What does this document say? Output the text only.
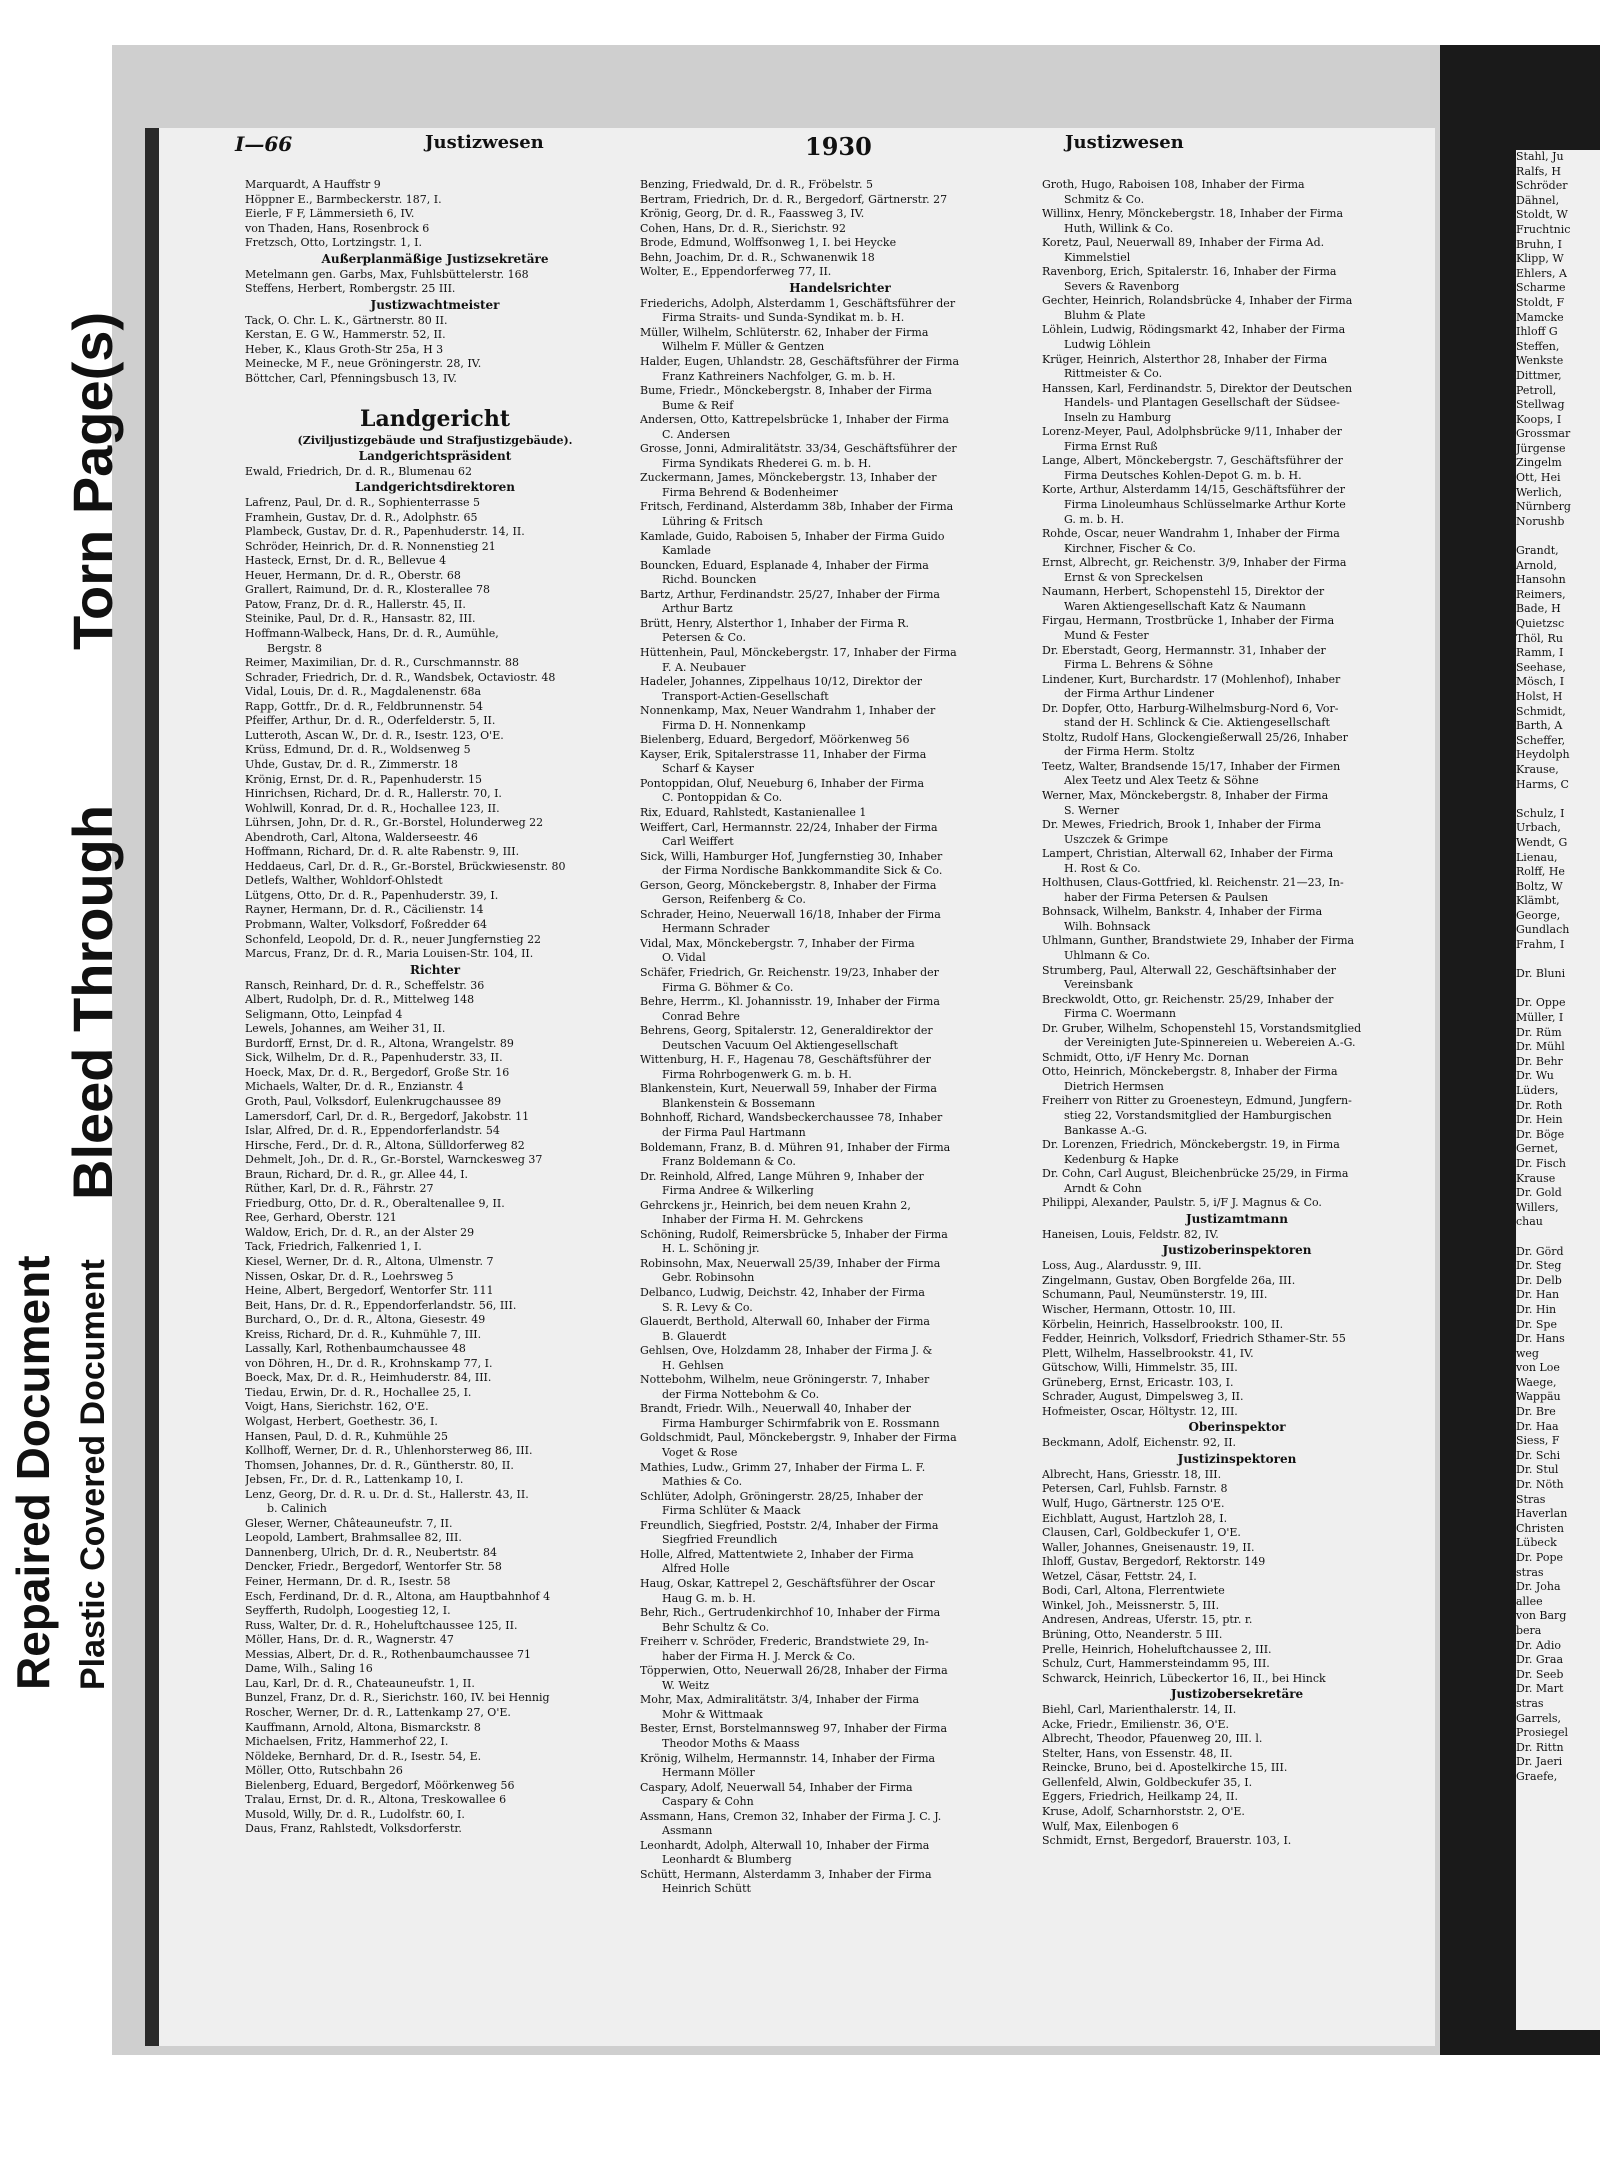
Repaired Document Plastic Covered Document
Bleed Through
Torn Page(s)
Stahl, Ju
Ralfs, H
Schröder
Dähnel,
Stoldt, W
Fruchtnic
Bruhn, I
Klipp, W
Ehlers, A
Scharme
Stoldt, F
Mamcke
Ihloff G
Steffen,
Wenkste
Dittmer,
Petroll,
Stellwag
Koops, I
Grossmar
Jürgense
Zingelm
Ott, Hei
Werlich,
Nürnberg
Norushb

Grandt,
Arnold,
Hansohn
Reimers,
Bade, H
Quietzsc
Thöl, Ru
Ramm, I
Seehase,
Mösch, I
Holst, H
Schmidt,
Barth, A
Scheffer,
Heydolph
Krause,
Harms, C

Schulz, I
Urbach,
Wendt, G
Lienau,
Rolff, He
Boltz, W
Klämbt,
George,
Gundlach
Frahm, I

Dr. Bluni

Dr. Oppe
Müller, I
Dr. Rüm
Dr. Mühl
Dr. Behr
Dr. Wu
Lüders,
Dr. Roth
Dr. Hein
Dr. Böge
Gernet,
Dr. Fisch
Krause
Dr. Gold
Willers,
chau

Dr. Görd
Dr. Steg
Dr. Delb
Dr. Han
Dr. Hin
Dr. Spe
Dr. Hans
weg
von Loe
Waege,
Wappäu
Dr. Bre
Dr. Haa
Siess, F
Dr. Schi
Dr. Stul
Dr. Nöth
Stras
Haverlan
Christen
Lübeck
Dr. Pope
stras
Dr. Joha
allee
von Barg
bera
Dr. Adio
Dr. Graa
Dr. Seeb
Dr. Mart
stras
Garrels,
Prosiegel
Dr. Rittn
Dr. Jaeri
Graefe,
I—66	Justizwesen	1930	Justizwesen
Marquardt, A Hauffstr 9
Höppner E., Barmbeckerstr. 187, I.
Eierle, F F, Lämmersieth 6, IV.
von Thaden, Hans, Rosenbrock 6
Fretzsch, Otto, Lortzingstr. 1, I.
Außerplanmäßige Justizsekretäre
Metelmann gen. Garbs, Max, Fuhlsbüttelerstr. 168
Steffens, Herbert, Rombergstr. 25 III.
Justizwachtmeister
Tack, O. Chr. L. K., Gärtnerstr. 80 II.
Kerstan, E. G W., Hammerstr. 52, II.
Heber, K., Klaus Groth-Str 25a, H 3
Meinecke, M F., neue Gröningerstr. 28, IV.
Böttcher, Carl, Pfenningsbusch 13, IV.
Landgericht
(Ziviljustizgebäude und Strafjustizgebäude).
Landgerichtspräsident
Ewald, Friedrich, Dr. d. R., Blumenau 62
Landgerichtsdirektoren
Lafrenz, Paul, Dr. d. R., Sophienterrasse 5
Framhein, Gustav, Dr. d. R., Adolphstr. 65
Plambeck, Gustav, Dr. d. R., Papenhuderstr. 14, II.
Schröder, Heinrich, Dr. d. R. Nonnenstieg 21
Hasteck, Ernst, Dr. d. R., Bellevue 4
Heuer, Hermann, Dr. d. R., Oberstr. 68
Grallert, Raimund, Dr. d. R., Klosterallee 78
Patow, Franz, Dr. d. R., Hallerstr. 45, II.
Steinike, Paul, Dr. d. R., Hansastr. 82, III.
Hoffmann-Walbeck, Hans, Dr. d. R., Aumühle,
Bergstr. 8
Reimer, Maximilian, Dr. d. R., Curschmannstr. 88
Schrader, Friedrich, Dr. d. R., Wandsbek, Octaviostr. 48
Vidal, Louis, Dr. d. R., Magdalenenstr. 68a
Rapp, Gottfr., Dr. d. R., Feldbrunnenstr. 54
Pfeiffer, Arthur, Dr. d. R., Oderfelderstr. 5, II.
Lutteroth, Ascan W., Dr. d. R., Isestr. 123, O'E.
Krüss, Edmund, Dr. d. R., Woldsenweg 5
Uhde, Gustav, Dr. d. R., Zimmerstr. 18
Krönig, Ernst, Dr. d. R., Papenhuderstr. 15
Hinrichsen, Richard, Dr. d. R., Hallerstr. 70, I.
Wohlwill, Konrad, Dr. d. R., Hochallee 123, II.
Lührsen, John, Dr. d. R., Gr.-Borstel, Holunderweg 22
Abendroth, Carl, Altona, Walderseestr. 46
Hoffmann, Richard, Dr. d. R. alte Rabenstr. 9, III.
Heddaeus, Carl, Dr. d. R., Gr.-Borstel, Brückwiesenstr. 80
Detlefs, Walther, Wohldorf-Ohlstedt
Lütgens, Otto, Dr. d. R., Papenhuderstr. 39, I.
Rayner, Hermann, Dr. d. R., Cäcilienstr. 14
Probmann, Walter, Volksdorf, Foßredder 64
Schonfeld, Leopold, Dr. d. R., neuer Jungfernstieg 22
Marcus, Franz, Dr. d. R., Maria Louisen-Str. 104, II.
Richter
Ransch, Reinhard, Dr. d. R., Scheffelstr. 36
Albert, Rudolph, Dr. d. R., Mittelweg 148
Seligmann, Otto, Leinpfad 4
Lewels, Johannes, am Weiher 31, II.
Burdorff, Ernst, Dr. d. R., Altona, Wrangelstr. 89
Sick, Wilhelm, Dr. d. R., Papenhuderstr. 33, II.
Hoeck, Max, Dr. d. R., Bergedorf, Große Str. 16
Michaels, Walter, Dr. d. R., Enzianstr. 4
Groth, Paul, Volksdorf, Eulenkrugchaussee 89
Lamersdorf, Carl, Dr. d. R., Bergedorf, Jakobstr. 11
Islar, Alfred, Dr. d. R., Eppendorferlandstr. 54
Hirsche, Ferd., Dr. d. R., Altona, Sülldorferweg 82
Dehmelt, Joh., Dr. d. R., Gr.-Borstel, Warnckesweg 37
Braun, Richard, Dr. d. R., gr. Allee 44, I.
Rüther, Karl, Dr. d. R., Fährstr. 27
Friedburg, Otto, Dr. d. R., Oberaltenallee 9, II.
Ree, Gerhard, Oberstr. 121
Waldow, Erich, Dr. d. R., an der Alster 29
Tack, Friedrich, Falkenried 1, I.
Kiesel, Werner, Dr. d. R., Altona, Ulmenstr. 7
Nissen, Oskar, Dr. d. R., Loehrsweg 5
Heine, Albert, Bergedorf, Wentorfer Str. 111
Beit, Hans, Dr. d. R., Eppendorferlandstr. 56, III.
Burchard, O., Dr. d. R., Altona, Giesestr. 49
Kreiss, Richard, Dr. d. R., Kuhmühle 7, III.
Lassally, Karl, Rothenbaumchaussee 48
von Döhren, H., Dr. d. R., Krohnskamp 77, I.
Boeck, Max, Dr. d. R., Heimhuderstr. 84, III.
Tiedau, Erwin, Dr. d. R., Hochallee 25, I.
Voigt, Hans, Sierichstr. 162, O'E.
Wolgast, Herbert, Goethestr. 36, I.
Hansen, Paul, D. d. R., Kuhmühle 25
Kollhoff, Werner, Dr. d. R., Uhlenhorsterweg 86, III.
Thomsen, Johannes, Dr. d. R., Güntherstr. 80, II.
Jebsen, Fr., Dr. d. R., Lattenkamp 10, I.
Lenz, Georg, Dr. d. R. u. Dr. d. St., Hallerstr. 43, II.
b. Calinich
Gleser, Werner, Châteauneufstr. 7, II.
Leopold, Lambert, Brahmsallee 82, III.
Dannenberg, Ulrich, Dr. d. R., Neubertstr. 84
Dencker, Friedr., Bergedorf, Wentorfer Str. 58
Feiner, Hermann, Dr. d. R., Isestr. 58
Esch, Ferdinand, Dr. d. R., Altona, am Hauptbahnhof 4
Seyfferth, Rudolph, Loogestieg 12, I.
Russ, Walter, Dr. d. R., Hoheluftchaussee 125, II.
Möller, Hans, Dr. d. R., Wagnerstr. 47
Messias, Albert, Dr. d. R., Rothenbaumchaussee 71
Dame, Wilh., Saling 16
Lau, Karl, Dr. d. R., Chateauneufstr. 1, II.
Bunzel, Franz, Dr. d. R., Sierichstr. 160, IV. bei Hennig
Roscher, Werner, Dr. d. R., Lattenkamp 27, O'E.
Kauffmann, Arnold, Altona, Bismarckstr. 8
Michaelsen, Fritz, Hammerhof 22, I.
Nöldeke, Bernhard, Dr. d. R., Isestr. 54, E.
Möller, Otto, Rutschbahn 26
Bielenberg, Eduard, Bergedorf, Möörkenweg 56
Tralau, Ernst, Dr. d. R., Altona, Treskowallee 6
Musold, Willy, Dr. d. R., Ludolfstr. 60, I.
Daus, Franz, Rahlstedt, Volksdorferstr.
Benzing, Friedwald, Dr. d. R., Fröbelstr. 5
Bertram, Friedrich, Dr. d. R., Bergedorf, Gärtnerstr. 27
Krönig, Georg, Dr. d. R., Faassweg 3, IV.
Cohen, Hans, Dr. d. R., Sierichstr. 92
Brode, Edmund, Wolffsonweg 1, I. bei Heycke
Behn, Joachim, Dr. d. R., Schwanenwik 18
Wolter, E., Eppendorferweg 77, II.
Handelsrichter
Friederichs, Adolph, Alsterdamm 1, Geschäftsführer der
Firma Straits- und Sunda-Syndikat m. b. H.
Müller, Wilhelm, Schlüterstr. 62, Inhaber der Firma
Wilhelm F. Müller & Gentzen
Halder, Eugen, Uhlandstr. 28, Geschäftsführer der Firma
Franz Kathreiners Nachfolger, G. m. b. H.
Bume, Friedr., Mönckebergstr. 8, Inhaber der Firma
Bume & Reif
Andersen, Otto, Kattrepelsbrücke 1, Inhaber der Firma
C. Andersen
Grosse, Jonni, Admiralitätstr. 33/34, Geschäftsführer der
Firma Syndikats Rhederei G. m. b. H.
Zuckermann, James, Mönckebergstr. 13, Inhaber der
Firma Behrend & Bodenheimer
Fritsch, Ferdinand, Alsterdamm 38b, Inhaber der Firma
Lühring & Fritsch
Kamlade, Guido, Raboisen 5, Inhaber der Firma Guido
Kamlade
Bouncken, Eduard, Esplanade 4, Inhaber der Firma
Richd. Bouncken
Bartz, Arthur, Ferdinandstr. 25/27, Inhaber der Firma
Arthur Bartz
Brütt, Henry, Alsterthor 1, Inhaber der Firma R.
Petersen & Co.
Hüttenhein, Paul, Mönckebergstr. 17, Inhaber der Firma
F. A. Neubauer
Hadeler, Johannes, Zippelhaus 10/12, Direktor der
Transport-Actien-Gesellschaft
Nonnenkamp, Max, Neuer Wandrahm 1, Inhaber der
Firma D. H. Nonnenkamp
Bielenberg, Eduard, Bergedorf, Möörkenweg 56
Kayser, Erik, Spitalerstrasse 11, Inhaber der Firma
Scharf & Kayser
Pontoppidan, Oluf, Neueburg 6, Inhaber der Firma
C. Pontoppidan & Co.
Rix, Eduard, Rahlstedt, Kastanienallee 1
Weiffert, Carl, Hermannstr. 22/24, Inhaber der Firma
Carl Weiffert
Sick, Willi, Hamburger Hof, Jungfernstieg 30, Inhaber
der Firma Nordische Bankkommandite Sick & Co.
Gerson, Georg, Mönckebergstr. 8, Inhaber der Firma
Gerson, Reifenberg & Co.
Schrader, Heino, Neuerwall 16/18, Inhaber der Firma
Hermann Schrader
Vidal, Max, Mönckebergstr. 7, Inhaber der Firma
O. Vidal
Schäfer, Friedrich, Gr. Reichenstr. 19/23, Inhaber der
Firma G. Böhmer & Co.
Behre, Herrm., Kl. Johannisstr. 19, Inhaber der Firma
Conrad Behre
Behrens, Georg, Spitalerstr. 12, Generaldirektor der
Deutschen Vacuum Oel Aktiengesellschaft
Wittenburg, H. F., Hagenau 78, Geschäftsführer der
Firma Rohrbogenwerk G. m. b. H.
Blankenstein, Kurt, Neuerwall 59, Inhaber der Firma
Blankenstein & Bossemann
Bohnhoff, Richard, Wandsbeckerchaussee 78, Inhaber
der Firma Paul Hartmann
Boldemann, Franz, B. d. Mühren 91, Inhaber der Firma
Franz Boldemann & Co.
Dr. Reinhold, Alfred, Lange Mühren 9, Inhaber der
Firma Andree & Wilkerling
Gehrckens jr., Heinrich, bei dem neuen Krahn 2,
Inhaber der Firma H. M. Gehrckens
Schöning, Rudolf, Reimersbrücke 5, Inhaber der Firma
H. L. Schöning jr.
Robinsohn, Max, Neuerwall 25/39, Inhaber der Firma
Gebr. Robinsohn
Delbanco, Ludwig, Deichstr. 42, Inhaber der Firma
S. R. Levy & Co.
Glauerdt, Berthold, Alterwall 60, Inhaber der Firma
B. Glauerdt
Gehlsen, Ove, Holzdamm 28, Inhaber der Firma J. &
H. Gehlsen
Nottebohm, Wilhelm, neue Gröningerstr. 7, Inhaber
der Firma Nottebohm & Co.
Brandt, Friedr. Wilh., Neuerwall 40, Inhaber der
Firma Hamburger Schirmfabrik von E. Rossmann
Goldschmidt, Paul, Mönckebergstr. 9, Inhaber der Firma
Voget & Rose
Mathies, Ludw., Grimm 27, Inhaber der Firma L. F.
Mathies & Co.
Schlüter, Adolph, Gröningerstr. 28/25, Inhaber der
Firma Schlüter & Maack
Freundlich, Siegfried, Poststr. 2/4, Inhaber der Firma
Siegfried Freundlich
Holle, Alfred, Mattentwiete 2, Inhaber der Firma
Alfred Holle
Haug, Oskar, Kattrepel 2, Geschäftsführer der Oscar
Haug G. m. b. H.
Behr, Rich., Gertrudenkirchhof 10, Inhaber der Firma
Behr Schultz & Co.
Freiherr v. Schröder, Frederic, Brandstwiete 29, In-
haber der Firma H. J. Merck & Co.
Töpperwien, Otto, Neuerwall 26/28, Inhaber der Firma
W. Weitz
Mohr, Max, Admiralitätstr. 3/4, Inhaber der Firma
Mohr & Wittmaak
Bester, Ernst, Borstelmannsweg 97, Inhaber der Firma
Theodor Moths & Maass
Krönig, Wilhelm, Hermannstr. 14, Inhaber der Firma
Hermann Möller
Caspary, Adolf, Neuerwall 54, Inhaber der Firma
Caspary & Cohn
Assmann, Hans, Cremon 32, Inhaber der Firma J. C. J.
Assmann
Leonhardt, Adolph, Alterwall 10, Inhaber der Firma
Leonhardt & Blumberg
Schütt, Hermann, Alsterdamm 3, Inhaber der Firma
Heinrich Schütt
Groth, Hugo, Raboisen 108, Inhaber der Firma
Schmitz & Co.
Willinx, Henry, Mönckebergstr. 18, Inhaber der Firma
Huth, Willink & Co.
Koretz, Paul, Neuerwall 89, Inhaber der Firma Ad.
Kimmelstiel
Ravenborg, Erich, Spitalerstr. 16, Inhaber der Firma
Severs & Ravenborg
Gechter, Heinrich, Rolandsbrücke 4, Inhaber der Firma
Bluhm & Plate
Löhlein, Ludwig, Rödingsmarkt 42, Inhaber der Firma
Ludwig Löhlein
Krüger, Heinrich, Alsterthor 28, Inhaber der Firma
Rittmeister & Co.
Hanssen, Karl, Ferdinandstr. 5, Direktor der Deutschen
Handels- und Plantagen Gesellschaft der Südsee-
Inseln zu Hamburg
Lorenz-Meyer, Paul, Adolphsbrücke 9/11, Inhaber der
Firma Ernst Ruß
Lange, Albert, Mönckebergstr. 7, Geschäftsführer der
Firma Deutsches Kohlen-Depot G. m. b. H.
Korte, Arthur, Alsterdamm 14/15, Geschäftsführer der
Firma Linoleumhaus Schlüsselmarke Arthur Korte
G. m. b. H.
Rohde, Oscar, neuer Wandrahm 1, Inhaber der Firma
Kirchner, Fischer & Co.
Ernst, Albrecht, gr. Reichenstr. 3/9, Inhaber der Firma
Ernst & von Spreckelsen
Naumann, Herbert, Schopenstehl 15, Direktor der
Waren Aktiengesellschaft Katz & Naumann
Firgau, Hermann, Trostbrücke 1, Inhaber der Firma
Mund & Fester
Dr. Eberstadt, Georg, Hermannstr. 31, Inhaber der
Firma L. Behrens & Söhne
Lindener, Kurt, Burchardstr. 17 (Mohlenhof), Inhaber
der Firma Arthur Lindener
Dr. Dopfer, Otto, Harburg-Wilhelmsburg-Nord 6, Vor-
stand der H. Schlinck & Cie. Aktiengesellschaft
Stoltz, Rudolf Hans, Glockengießerwall 25/26, Inhaber
der Firma Herm. Stoltz
Teetz, Walter, Brandsende 15/17, Inhaber der Firmen
Alex Teetz und Alex Teetz & Söhne
Werner, Max, Mönckebergstr. 8, Inhaber der Firma
S. Werner
Dr. Mewes, Friedrich, Brook 1, Inhaber der Firma
Uszczek & Grimpe
Lampert, Christian, Alterwall 62, Inhaber der Firma
H. Rost & Co.
Holthusen, Claus-Gottfried, kl. Reichenstr. 21—23, In-
haber der Firma Petersen & Paulsen
Bohnsack, Wilhelm, Bankstr. 4, Inhaber der Firma
Wilh. Bohnsack
Uhlmann, Gunther, Brandstwiete 29, Inhaber der Firma
Uhlmann & Co.
Strumberg, Paul, Alterwall 22, Geschäftsinhaber der
Vereinsbank
Breckwoldt, Otto, gr. Reichenstr. 25/29, Inhaber der
Firma C. Woermann
Dr. Gruber, Wilhelm, Schopenstehl 15, Vorstandsmitglied
der Vereinigten Jute-Spinnereien u. Webereien A.-G.
Schmidt, Otto, i/F Henry Mc. Dornan
Otto, Heinrich, Mönckebergstr. 8, Inhaber der Firma
Dietrich Hermsen
Freiherr von Ritter zu Groenesteyn, Edmund, Jungfern-
stieg 22, Vorstandsmitglied der Hamburgischen
Bankasse A.-G.
Dr. Lorenzen, Friedrich, Mönckebergstr. 19, in Firma
Kedenburg & Hapke
Dr. Cohn, Carl August, Bleichenbrücke 25/29, in Firma
Arndt & Cohn
Philippi, Alexander, Paulstr. 5, i/F J. Magnus & Co.
Justizamtmann
Haneisen, Louis, Feldstr. 82, IV.
Justizoberinspektoren
Loss, Aug., Alardusstr. 9, III.
Zingelmann, Gustav, Oben Borgfelde 26a, III.
Schumann, Paul, Neumünsterstr. 19, III.
Wischer, Hermann, Ottostr. 10, III.
Körbelin, Heinrich, Hasselbrookstr. 100, II.
Fedder, Heinrich, Volksdorf, Friedrich Sthamer-Str. 55
Plett, Wilhelm, Hasselbrookstr. 41, IV.
Gütschow, Willi, Himmelstr. 35, III.
Grüneberg, Ernst, Ericastr. 103, I.
Schrader, August, Dimpelsweg 3, II.
Hofmeister, Oscar, Höltystr. 12, III.
Oberinspektor
Beckmann, Adolf, Eichenstr. 92, II.
Justizinspektoren
Albrecht, Hans, Griesstr. 18, III.
Petersen, Carl, Fuhlsb. Farnstr. 8
Wulf, Hugo, Gärtnerstr. 125 O'E.
Eichblatt, August, Hartzloh 28, I.
Clausen, Carl, Goldbeckufer 1, O'E.
Waller, Johannes, Gneisenaustr. 19, II.
Ihloff, Gustav, Bergedorf, Rektorstr. 149
Wetzel, Cäsar, Fettstr. 24, I.
Bodi, Carl, Altona, Flerrentwiete
Winkel, Joh., Meissnerstr. 5, III.
Andresen, Andreas, Uferstr. 15, ptr. r.
Brüning, Otto, Neanderstr. 5 III.
Prelle, Heinrich, Hoheluftchaussee 2, III.
Schulz, Curt, Hammersteindamm 95, III.
Schwarck, Heinrich, Lübeckertor 16, II., bei Hinck
Justizobersekretäre
Biehl, Carl, Marienthalerstr. 14, II.
Acke, Friedr., Emilienstr. 36, O'E.
Albrecht, Theodor, Pfauenweg 20, III. l.
Stelter, Hans, von Essenstr. 48, II.
Reincke, Bruno, bei d. Apostelkirche 15, III.
Gellenfeld, Alwin, Goldbeckufer 35, I.
Eggers, Friedrich, Heilkamp 24, II.
Kruse, Adolf, Scharnhorststr. 2, O'E.
Wulf, Max, Eilenbogen 6
Schmidt, Ernst, Bergedorf, Brauerstr. 103, I.
